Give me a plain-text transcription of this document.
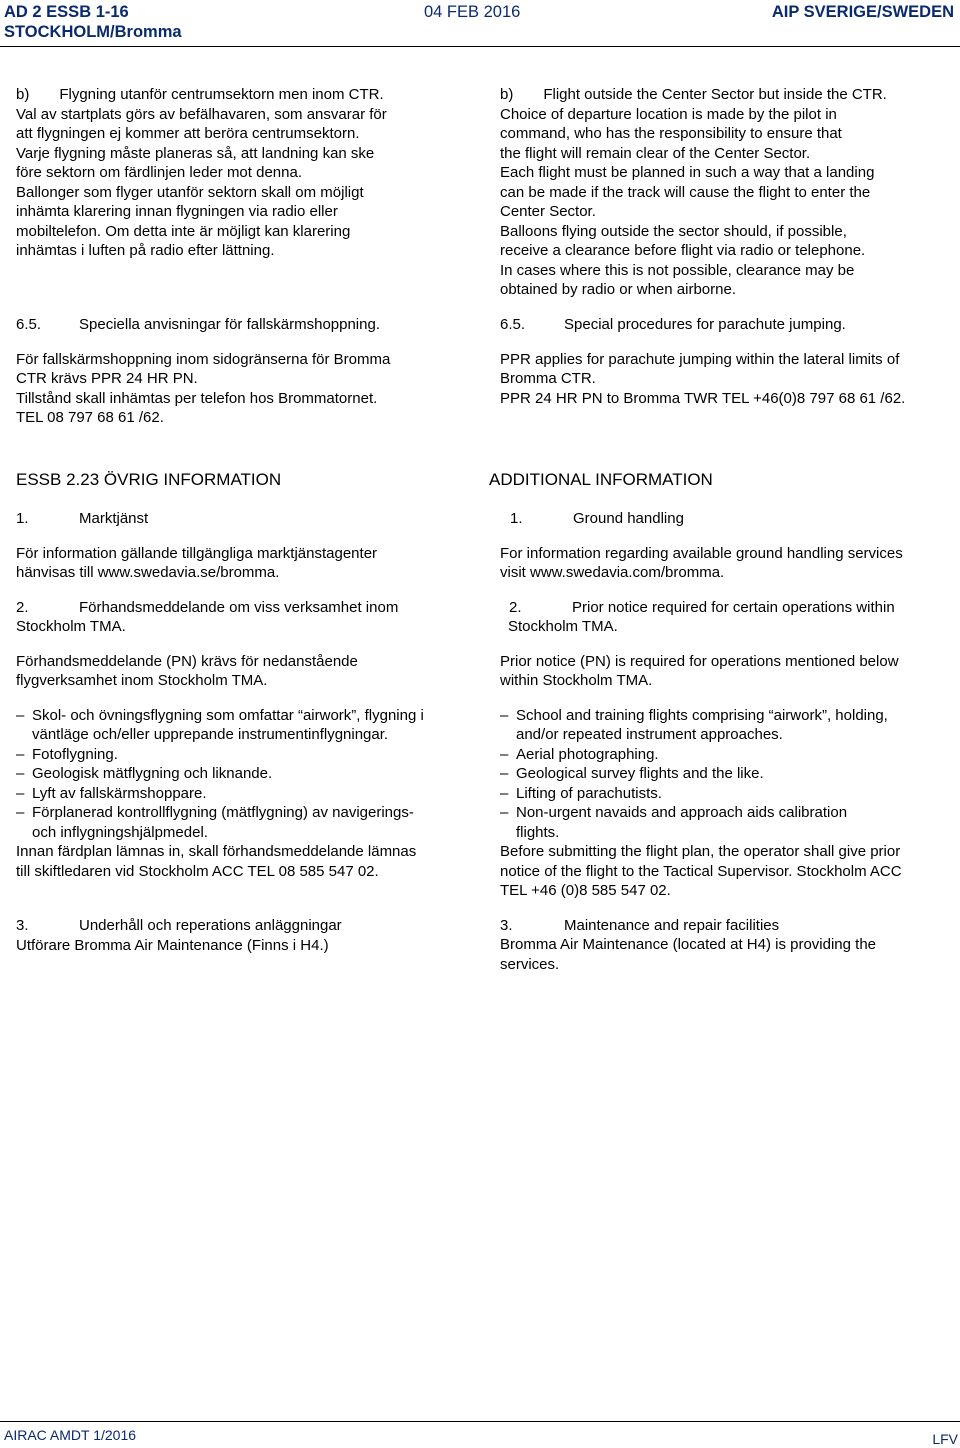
AD 2 ESSB 1-16
STOCKHOLM/Bromma
04 FEB 2016	AIP SVERIGE/SWEDEN

b)  Flygning utanför centrumsektorn men inom CTR.

Val av startplats görs av befälhavaren, som ansvarar för

att flygningen ej kommer att beröra centrumsektorn.

Varje flygning måste planeras så, att landning kan ske

före sektorn om färdlinjen leder mot denna.

Ballonger som flyger utanför sektorn skall om möjligt

inhämta klarering innan flygningen via radio eller

mobiltelefon. Om detta inte är möjligt kan klarering

inhämtas i luften på radio efter lättning.

b)  Flight outside the Center Sector but inside the CTR.

Choice of departure location is made by the pilot in

command, who has the responsibility to ensure that

the flight will remain clear of the Center Sector.

Each flight must be planned in such a way that a landing

can be made if the track will cause the flight to enter the

Center Sector.

Balloons flying outside the sector should, if possible,

receive a clearance before flight via radio or telephone.

In cases where this is not possible, clearance may be

obtained by radio or when airborne.

6.5.	Speciella anvisningar för fallskärmshoppning.

För fallskärmshoppning inom sidogränserna för Bromma

CTR krävs PPR 24 HR PN.

Tillstånd skall inhämtas per telefon hos Brommatornet.

TEL 08 797 68 61 /62.

6.5.	Special procedures for parachute jumping.

PPR applies for parachute jumping within the lateral limits of

Bromma CTR.

PPR 24 HR PN to Bromma TWR TEL +46(0)8 797 68 61 /62.

ESSB 2.23 ÖVRIG INFORMATION

1.	Marktjänst

För information gällande tillgängliga marktjänstagenter

hänvisas till www.swedavia.se/bromma.

2.	Förhandsmeddelande om viss verksamhet inom

Stockholm TMA.

Förhandsmeddelande (PN) krävs för nedanstående

flygverksamhet inom Stockholm TMA.

– Skol- och övningsflygning som omfattar “airwork”, flygning i

väntläge och/eller upprepande instrumentinflygningar.

– Fotoflygning.

– Geologisk mätflygning och liknande.

– Lyft av fallskärmshoppare.

– Förplanerad kontrollflygning (mätflygning) av navigerings-

och inflygningshjälpmedel.

Innan färdplan lämnas in, skall förhandsmeddelande lämnas

till skiftledaren vid Stockholm ACC TEL 08 585 547 02.

3.	Underhåll och reperations anläggningar

Utförare Bromma Air Maintenance (Finns i H4.)

ADDITIONAL INFORMATION

1.	Ground handling

For information regarding available ground handling services

visit www.swedavia.com/bromma.

2.	Prior notice required for certain operations within

Stockholm TMA.

Prior notice (PN) is required for operations mentioned below

within Stockholm TMA.

– School and training flights comprising “airwork”, holding,

and/or repeated instrument approaches.

– Aerial photographing.

– Geological survey flights and the like.

– Lifting of parachutists.

– Non-urgent navaids and approach aids calibration

flights.

Before submitting the flight plan, the operator shall give prior

notice of the flight to the Tactical Supervisor. Stockholm ACC

TEL +46 (0)8 585 547 02.

3.	Maintenance and repair facilities

Bromma Air Maintenance (located at H4) is providing the

services.

AIRAC AMDT 1/2016	LFV
